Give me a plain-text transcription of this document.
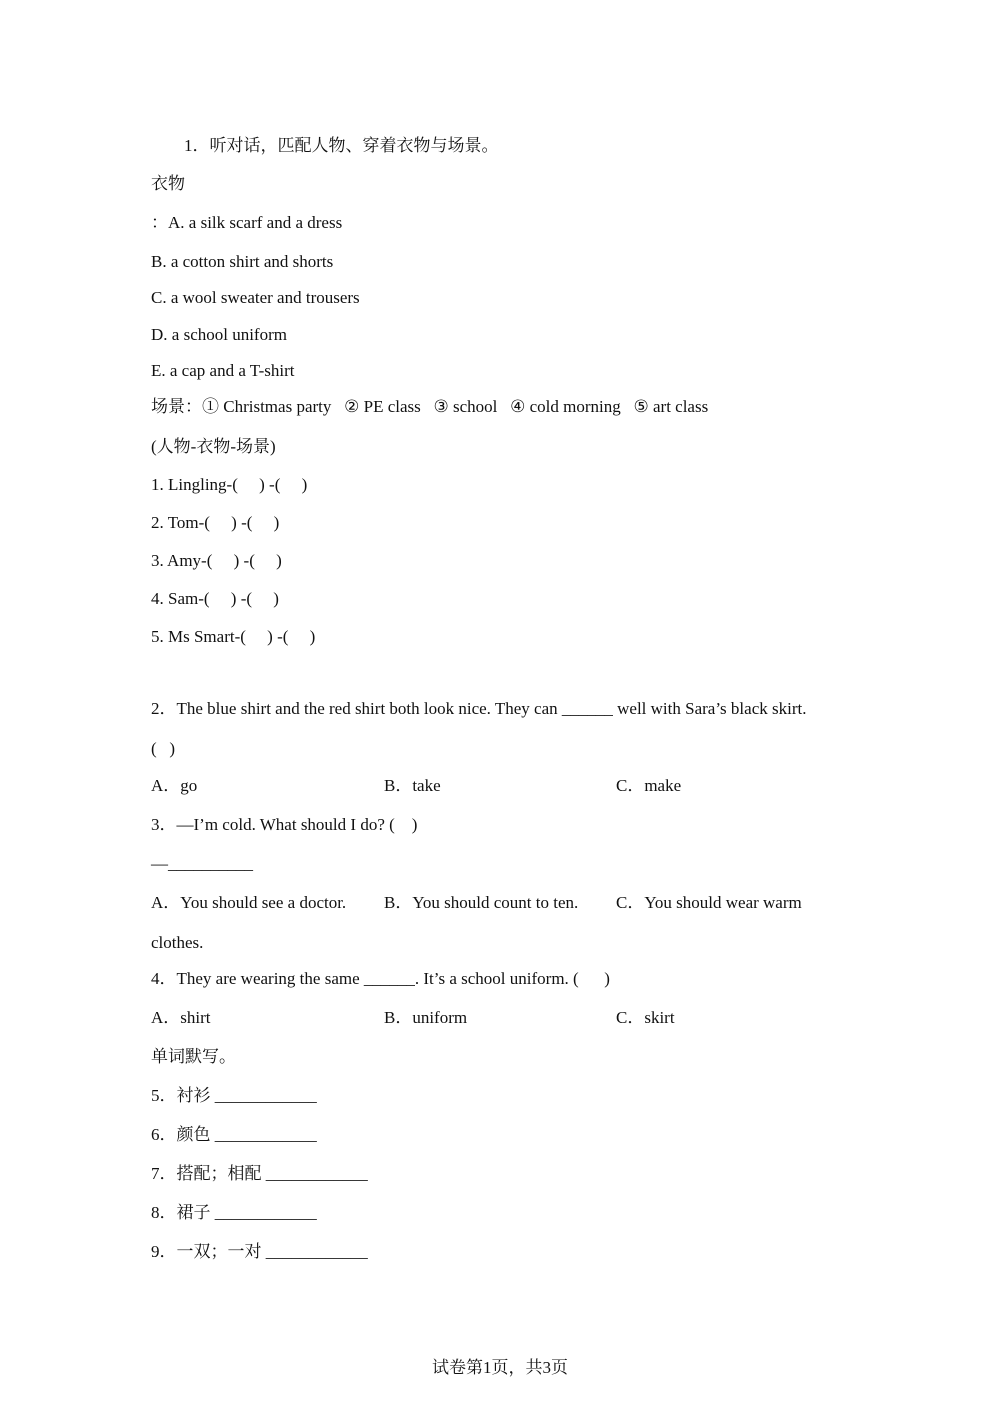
1．听对话，匹配人物、穿着衣物与场景。
衣物
：A. a silk scarf and a dress
B. a cotton shirt and shorts
C. a wool sweater and trousers
D. a school uniform
E. a cap and a T-shirt
场景：① Christmas party   ② PE class   ③ school   ④ cold morning   ⑤ art class
(人物-衣物-场景)
1. Lingling-(     ) -(     )
2. Tom-(     ) -(     )
3. Amy-(     ) -(     )
4. Sam-(     ) -(     )
5. Ms Smart-(     ) -(     )
2．The blue shirt and the red shirt both look nice. They can ______ well with Sara’s black skirt.
(   )
A．go	B．take	C．make
3．—I’m cold. What should I do? (    )
—__________
A．You should see a doctor. B．You should count to ten. C．You should wear warm
clothes.
4．They are wearing the same ______. It’s a school uniform. (      )
A．shirt	B．uniform	C．skirt
单词默写。
5．衬衫 ____________
6．颜色 ____________
7．搭配；相配 ____________
8．裙子 ____________
9．一双；一对 ____________
试卷第1页，共3页
